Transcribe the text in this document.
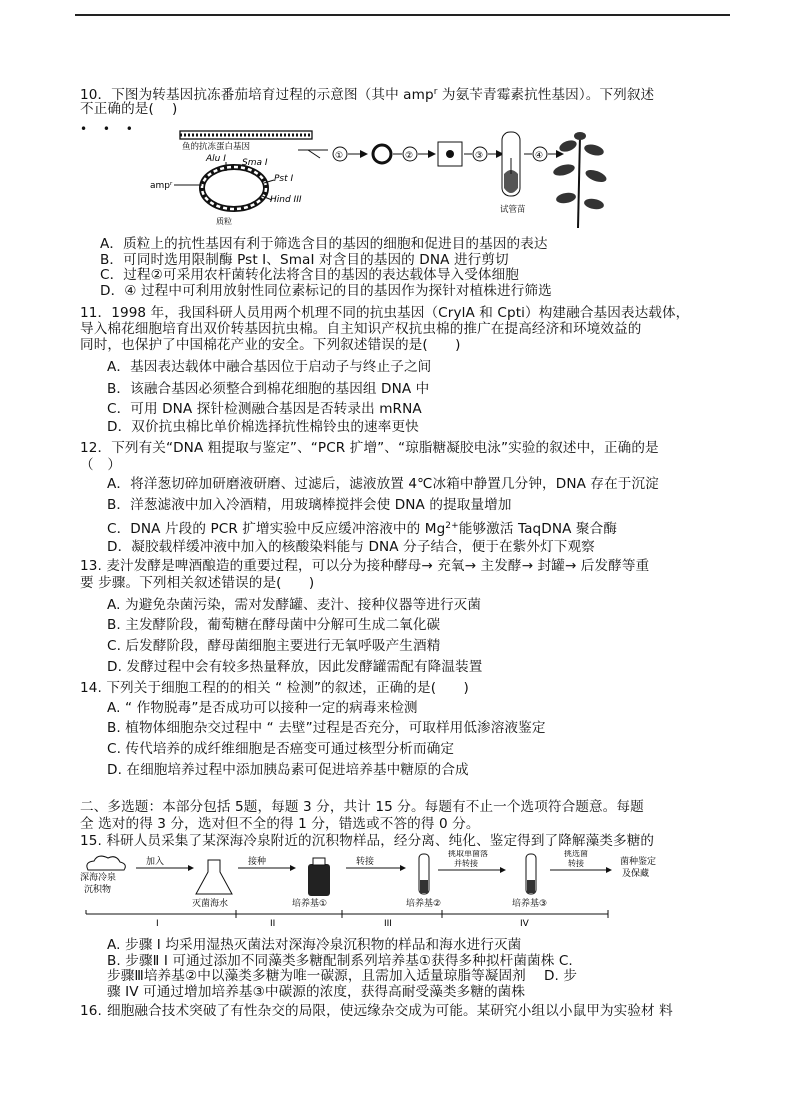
10．下图为转基因抗冻番茄培育过程的示意图（其中 amp$^r$ 为氨苄青霉素抗性基因）。下列叙述
不正确的是(　 )
• • •
鱼的抗冻蛋白基因
Alu I Sma I
Pst I
Hind III
ampʳ
质粒
①	②	③
试管苗
④
A．质粒上的抗性基因有利于筛选含目的基因的细胞和促进目的基因的表达
B．可同时选用限制酶 Pst I、SmaI 对含目的基因的 DNA 进行剪切
C．过程②可采用农杆菌转化法将含目的基因的表达载体导入受体细胞
D．④ 过程中可利用放射性同位素标记的目的基因作为探针对植株进行筛选
11．1998 年，我国科研人员用两个机理不同的抗虫基因（CrylA 和 Cpti）构建融合基因表达载体，
导入棉花细胞培育出双价转基因抗虫棉。自主知识产权抗虫棉的推广在提高经济和环境效益的
同时，也保护了中国棉花产业的安全。下列叙述错误的是(　　)
A．基因表达载体中融合基因位于启动子与终止子之间
B．该融合基因必须整合到棉花细胞的基因组 DNA 中
C．可用 DNA 探针检测融合基因是否转录出 mRNA
D．双价抗虫棉比单价棉选择抗性棉铃虫的速率更快
12．下列有关“DNA 粗提取与鉴定”、“PCR 扩增”、“琼脂糖凝胶电泳”实验的叙述中，正确的是
（　）
A．将洋葱切碎加研磨液研磨、过滤后，滤液放置 4℃冰箱中静置几分钟，DNA 存在于沉淀
B．洋葱滤液中加入冷酒精，用玻璃棒搅拌会使 DNA 的提取量增加
C．DNA 片段的 PCR 扩增实验中反应缓冲溶液中的 $Mg^{2+}$能够激活 TaqDNA 聚合酶
D．凝胶载样缓冲液中加入的核酸染料能与 DNA 分子结合，便于在紫外灯下观察
13. 麦汁发酵是啤酒酿造的重要过程，可以分为接种酵母→ 充氧→ 主发酵→ 封罐→ 后发酵等重
要 步骤。下列相关叙述错误的是(　　)
A. 为避免杂菌污染，需对发酵罐、麦汁、接种仪器等进行灭菌
B. 主发酵阶段，葡萄糖在酵母菌中分解可生成二氧化碳
C. 后发酵阶段，酵母菌细胞主要进行无氧呼吸产生酒精
D. 发酵过程中会有较多热量释放，因此发酵罐需配有降温装置
14. 下列关于细胞工程的的相关 “ 检测”的叙述，正确的是(　　)
A. “ 作物脱毒”是否成功可以接种一定的病毒来检测
B. 植物体细胞杂交过程中 “ 去壁”过程是否充分，可取样用低渗溶液鉴定
C. 传代培养的成纤维细胞是否癌变可通过核型分析而确定
D. 在细胞培养过程中添加胰岛素可促进培养基中糖原的合成
二、多选题：本部分包括 5题，每题 3 分，共计 15 分。每题有不止一个选项符合题意。每题
全 选对的得 3 分，选对但不全的得 1 分，错选或不答的得 0 分。
15. 科研人员采集了某深海冷泉附近的沉积物样品，经分离、纯化、鉴定得到了降解藻类多糖的
深海冷泉
沉积物
加入
灭菌海水
接种
培养基①
转接
培养基②
挑取单菌落
并转接
培养基③
挑选菌
转接	菌种鉴定
及保藏
I	II	III	IV
A. 步骤 I 均采用湿热灭菌法对深海冷泉沉积物的样品和海水进行灭菌
B. 步骤Ⅱ I 可通过添加不同藻类多糖配制系列培养基①获得多种拟杆菌菌株 C.
步骤Ⅲ培养基②中以藻类多糖为唯一碳源，且需加入适量琼脂等凝固剂　 D. 步
骤 IV 可通过增加培养基③中碳源的浓度，获得高耐受藻类多糖的菌株
16. 细胞融合技术突破了有性杂交的局限，使远缘杂交成为可能。某研究小组以小鼠甲为实验材 料
